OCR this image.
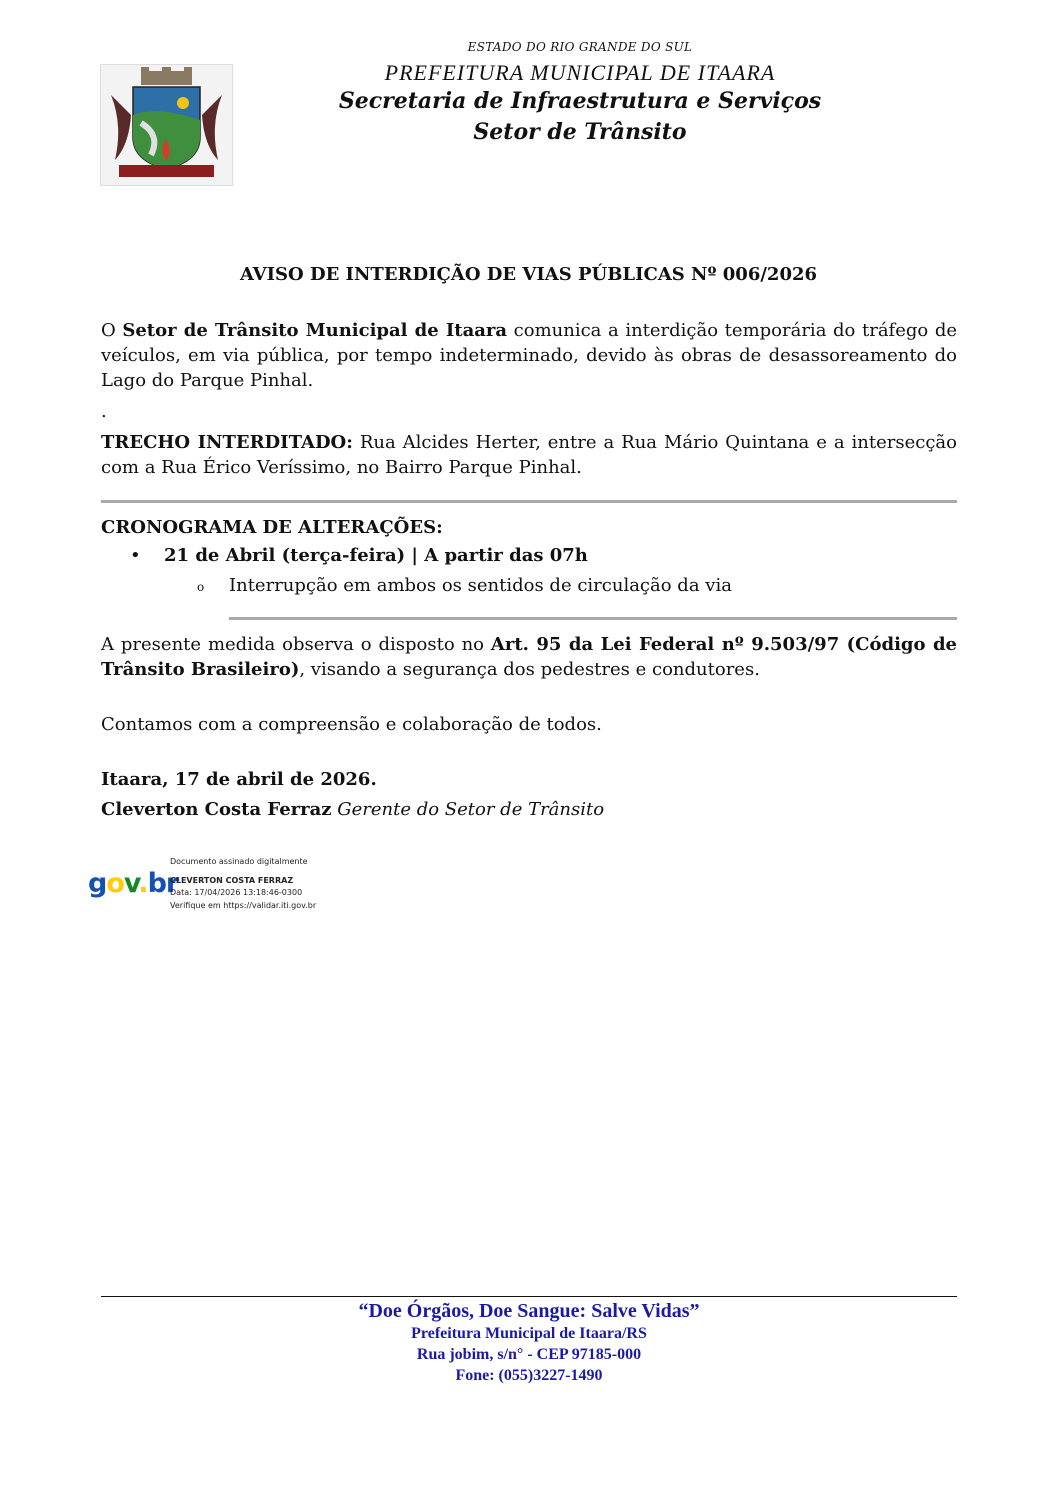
ESTADO DO RIO GRANDE DO SUL
PREFEITURA MUNICIPAL DE ITAARA
Secretaria de Infraestrutura e Serviços
Setor de Trânsito
AVISO DE INTERDIÇÃO DE VIAS PÚBLICAS Nº 006/2026
O Setor de Trânsito Municipal de Itaara comunica a interdição temporária do tráfego de veículos, em via pública, por tempo indeterminado, devido às obras de desassoreamento do Lago do Parque Pinhal.
.
TRECHO INTERDITADO: Rua Alcides Herter, entre a Rua Mário Quintana e a intersecção com a Rua Érico Veríssimo, no Bairro Parque Pinhal.
CRONOGRAMA DE ALTERAÇÕES:
• 21 de Abril (terça-feira) | A partir das 07h
o Interrupção em ambos os sentidos de circulação da via
A presente medida observa o disposto no Art. 95 da Lei Federal nº 9.503/97 (Código de Trânsito Brasileiro), visando a segurança dos pedestres e condutores.
Contamos com a compreensão e colaboração de todos.
Itaara, 17 de abril de 2026.
Cleverton Costa Ferraz Gerente do Setor de Trânsito
gov.br
Documento assinado digitalmente
CLEVERTON COSTA FERRAZ
Data: 17/04/2026 13:18:46-0300
Verifique em https://validar.iti.gov.br
“Doe Órgãos, Doe Sangue: Salve Vidas”
Prefeitura Municipal de Itaara/RS
Rua jobim, s/n° - CEP 97185-000
Fone: (055)3227-1490
